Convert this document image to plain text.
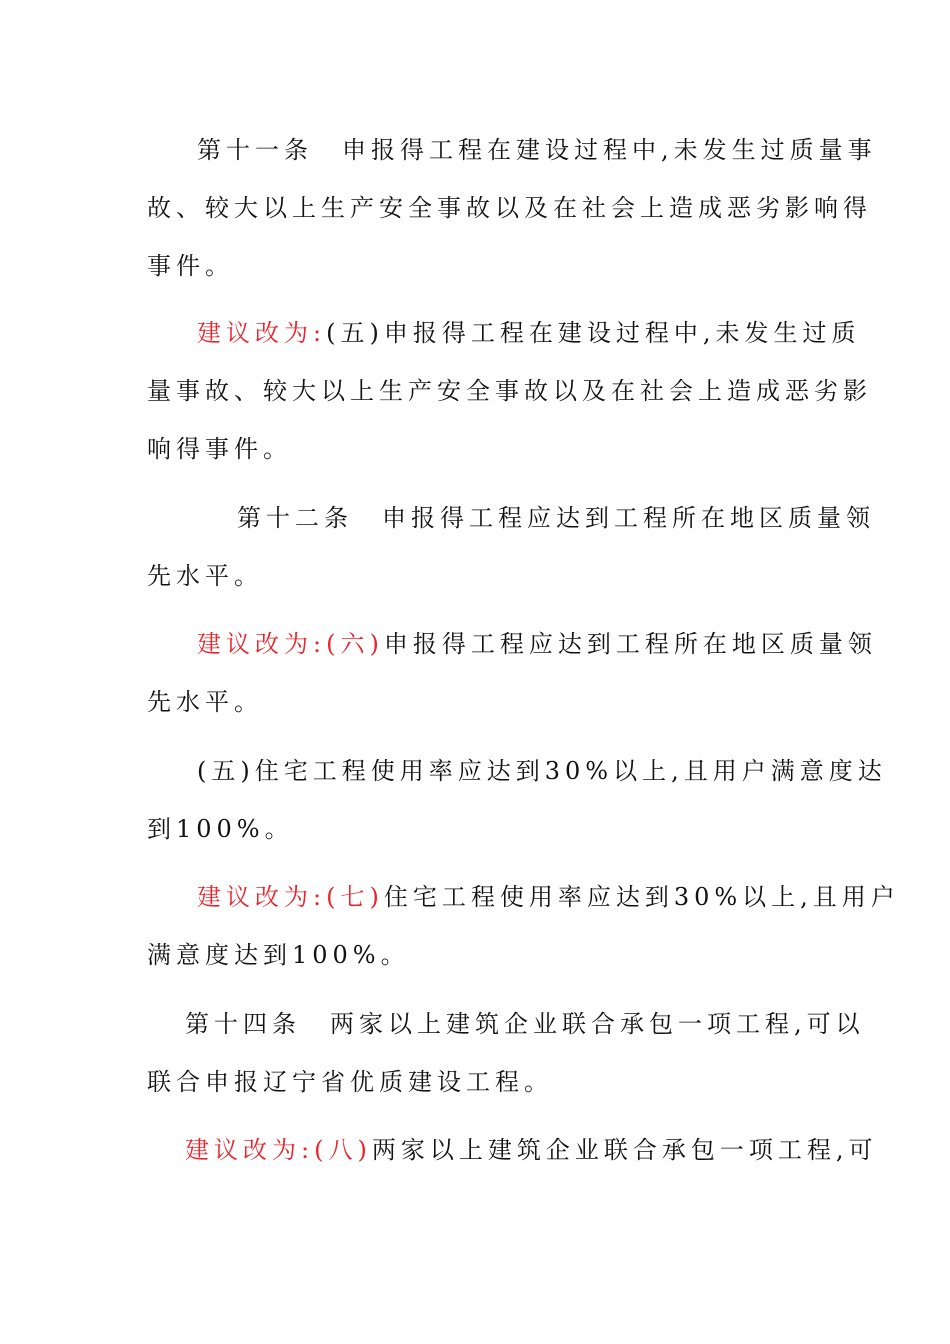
第十一条　申报得工程在建设过程中,未发生过质量事
故、较大以上生产安全事故以及在社会上造成恶劣影响得
事件。
建议改为:(五)申报得工程在建设过程中,未发生过质
量事故、较大以上生产安全事故以及在社会上造成恶劣影
响得事件。
第十二条　申报得工程应达到工程所在地区质量领
先水平。
建议改为:(六)申报得工程应达到工程所在地区质量领
先水平。
(五)住宅工程使用率应达到30%以上,且用户满意度达
到100%。
建议改为:(七)住宅工程使用率应达到30%以上,且用户
满意度达到100%。
第十四条　两家以上建筑企业联合承包一项工程,可以
联合申报辽宁省优质建设工程。
建议改为:(八)两家以上建筑企业联合承包一项工程,可
